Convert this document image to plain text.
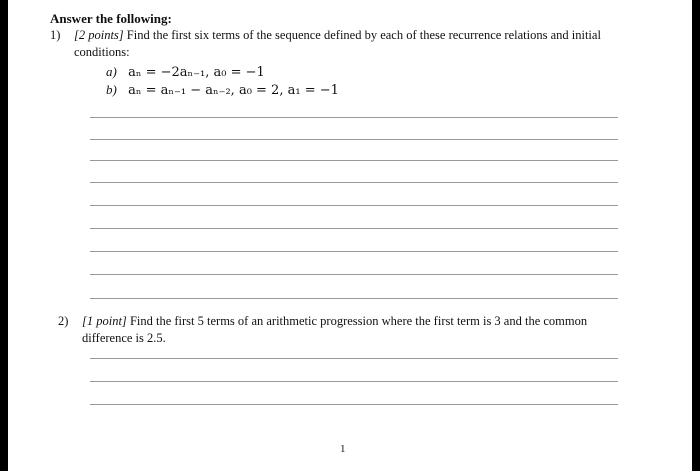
Answer the following:
1) [2 points] Find the first six terms of the sequence defined by each of these recurrence relations and initial
conditions:
a) aₙ = −2aₙ₋₁, a₀ = −1
b) aₙ = aₙ₋₁ − aₙ₋₂, a₀ = 2, a₁ = −1
2) [1 point] Find the first 5 terms of an arithmetic progression where the first term is 3 and the common
difference is 2.5.
1
